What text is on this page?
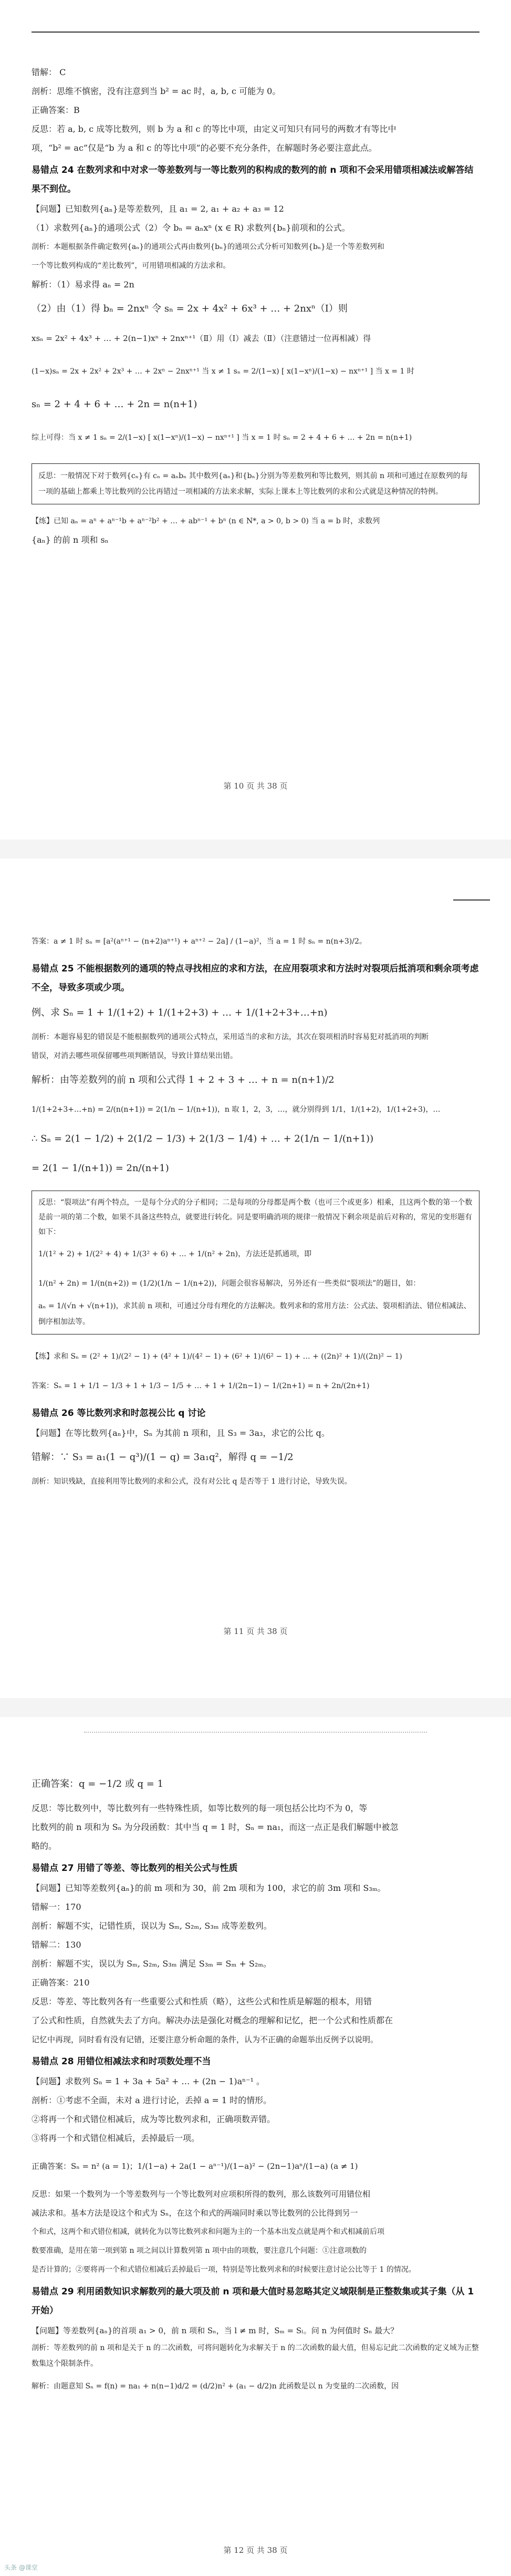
错解： C

剖析：思维不慎密，没有注意到当 b² = ac 时，a, b, c 可能为 0。

正确答案：B

反思：若 a, b, c 成等比数列，则 b 为 a 和 c 的等比中项，由定义可知只有同号的两数才有等比中

项，“b² = ac”仅是“b 为 a 和 c 的等比中项”的必要不充分条件，在解题时务必要注意此点。

易错点 24 在数列求和中对求一等差数列与一等比数列的积构成的数列的前 n 项和不会采用错项相减法或解答结果不到位。

【问题】已知数列{aₙ}是等差数列，且 a₁ = 2, a₁ + a₂ + a₃ = 12

（1）求数列{aₙ}的通项公式（2）令 bₙ = aₙxⁿ (x ∈ R) 求数列{bₙ}前项和的公式。

剖析：本题根据条件确定数列{aₙ}的通项公式再由数列{bₙ}的通项公式分析可知数列{bₙ}是一个等差数列和

一个等比数列构成的“差比数列”，可用错项相减的方法求和。

解析：（1）易求得 aₙ = 2n

（2）由（1）得 bₙ = 2nxⁿ 令 sₙ = 2x + 4x² + 6x³ + … + 2nxⁿ（Ⅰ）则

xsₙ = 2x² + 4x³ + … + 2(n−1)xⁿ + 2nxⁿ⁺¹（Ⅱ）用（Ⅰ）减去（Ⅱ）（注意错过一位再相减）得

(1−x)sₙ = 2x + 2x² + 2x³ + … + 2xⁿ − 2nxⁿ⁺¹ 当 x ≠ 1 sₙ = 2/(1−x) [ x(1−xⁿ)/(1−x) − nxⁿ⁺¹ ] 当 x = 1 时

sₙ = 2 + 4 + 6 + … + 2n = n(n+1)

综上可得：当 x ≠ 1 sₙ = 2/(1−x) [ x(1−xⁿ)/(1−x) − nxⁿ⁺¹ ] 当 x = 1 时 sₙ = 2 + 4 + 6 + … + 2n = n(n+1)

反思：一般情况下对于数列{cₙ}有 cₙ = aₙbₙ 其中数列{aₙ}和{bₙ}分别为等差数列和等比数列，则其前 n 项和可通过在原数列的每一项的基础上都乘上等比数列的公比再错过一项相减的方法来求解，实际上课本上等比数列的求和公式就是这种情况的特例。

【练】已知 aₙ = aⁿ + aⁿ⁻¹b + aⁿ⁻²b² + … + abⁿ⁻¹ + bⁿ (n ∈ N*, a > 0, b > 0) 当 a = b 时，求数列

{aₙ} 的前 n 项和 sₙ

第 10 页 共 38 页

答案：a ≠ 1 时 sₙ = [a²(aⁿ⁺¹ − (n+2)aⁿ⁺¹) + aⁿ⁺² − 2a] / (1−a)²，当 a = 1 时 sₙ = n(n+3)/2。

易错点 25 不能根据数列的通项的特点寻找相应的求和方法，在应用裂项求和方法时对裂项后抵消项和剩余项考虑不全，导致多项或少项。

例、求 Sₙ = 1 + 1/(1+2) + 1/(1+2+3) + … + 1/(1+2+3+…+n)

剖析：本题容易犯的错误是不能根据数列的通项公式特点，采用适当的求和方法，其次在裂项相消时容易犯对抵消项的判断

错误，对消去哪些项保留哪些项判断错误，导致计算结果出错。

解析：由等差数列的前 n 项和公式得 1 + 2 + 3 + … + n = n(n+1)/2

1/(1+2+3+…+n) = 2/(n(n+1)) = 2(1/n − 1/(n+1))，n 取 1，2，3，…，就分别得到 1/1，1/(1+2)，1/(1+2+3)，…

∴ Sₙ = 2(1 − 1/2) + 2(1/2 − 1/3) + 2(1/3 − 1/4) + … + 2(1/n − 1/(n+1))

= 2(1 − 1/(n+1)) = 2n/(n+1)

反思：“裂项法”有两个特点，一是每个分式的分子相同；二是每项的分母都是两个数（也可三个或更多）相乘，且这两个数的第一个数是前一项的第二个数，如果不具备这些特点，就要进行转化。同是要明确消项的规律一般情况下剩余项是前后对称的，常见的变形题有如下：

1/(1² + 2) + 1/(2² + 4) + 1/(3² + 6) + … + 1/(n² + 2n)，方法还是抓通项，即

1/(n² + 2n) = 1/(n(n+2)) = (1/2)(1/n − 1/(n+2))，问题会很容易解决，另外还有一些类似“裂项法”的题目，如：

aₙ = 1/(√n + √(n+1))，求其前 n 项和，可通过分母有理化的方法解决。数列求和的常用方法：公式法、裂项相消法、错位相减法、倒序相加法等。

【练】求和 Sₙ = (2² + 1)/(2² − 1) + (4² + 1)/(4² − 1) + (6² + 1)/(6² − 1) + … + ((2n)² + 1)/((2n)² − 1)

答案：Sₙ = 1 + 1/1 − 1/3 + 1 + 1/3 − 1/5 + … + 1 + 1/(2n−1) − 1/(2n+1) = n + 2n/(2n+1)

易错点 26 等比数列求和时忽视公比 q 讨论

【问题】在等比数列{aₙ}中，Sₙ 为其前 n 项和，且 S₃ = 3a₃，求它的公比 q。

错解：∵ S₃ = a₁(1 − q³)/(1 − q) = 3a₁q²，解得 q = −1/2

剖析：知识残缺，直接利用等比数列的求和公式，没有对公比 q 是否等于 1 进行讨论，导致失误。

第 11 页 共 38 页

正确答案：q = −1/2 或 q = 1

反思：等比数列中，等比数列有一些特殊性质，如等比数列的每一项包括公比均不为 0，等

比数列的前 n 项和为 Sₙ 为分段函数：其中当 q = 1 时，Sₙ = na₁，而这一点正是我们解题中被忽

略的。

易错点 27 用错了等差、等比数列的相关公式与性质

【问题】已知等差数列{aₙ}的前 m 项和为 30，前 2m 项和为 100，求它的前 3m 项和 S₃ₘ。

错解一：170

剖析：解题不实，记错性质，误以为 Sₘ, S₂ₘ, S₃ₘ 成等差数列。

错解二：130

剖析：解题不实，误以为 Sₘ, S₂ₘ, S₃ₘ 满足 S₃ₘ = Sₘ + S₂ₘ。

正确答案：210

反思：等差、等比数列各有一些重要公式和性质（略），这些公式和性质是解题的根本，用错

了公式和性质，自然就失去了方向。解决办法是强化对概念的理解和记忆，把一个公式和性质都在

记忆中再现，同时看有没有记错，还要注意分析命题的条件，认为不正确的命题举出反例予以说明。

易错点 28 用错位相减法求和时项数处理不当

【问题】求数列 Sₙ = 1 + 3a + 5a² + … + (2n − 1)aⁿ⁻¹ 。

剖析：①考虑不全面，未对 a 进行讨论，丢掉 a = 1 时的情形。

②将再一个和式错位相减后，成为等比数列求和，正确项数弄错。

③将再一个和式错位相减后，丢掉最后一项。

正确答案：Sₙ = n² (a = 1)；1/(1−a) + 2a(1 − aⁿ⁻¹)/(1−a)² − (2n−1)aⁿ/(1−a) (a ≠ 1)

反思：如果一个数列为一个等差数列与一个等比数列对应项积所得的数列，那么该数列可用错位相

减法求和。基本方法是设这个和式为 Sₙ，在这个和式的两端同时乘以等比数列的公比得到另一

个和式，这两个和式错位相减，就转化为以等比数列求和问题为主的一个基本出发点就是两个和式相减前后项

数要准确，是用在第一项到第 n 项之间以计算数列第 n 项中由的项数，要注意几个问题：①注意项数的

是否计算的；②要将再一个和式错位相减后丢掉最后一项，特别是等比数列求和的时候要注意讨论公比等于 1 的情况。

易错点 29 利用函数知识求解数列的最大项及前 n 项和最大值时易忽略其定义域限制是正整数集或其子集（从 1 开始）

【问题】等差数列{aₙ}的首项 a₁ > 0，前 n 项和 Sₙ，当 l ≠ m 时，Sₘ = Sₗ。问 n 为何值时 Sₙ 最大？

剖析：等差数列的前 n 项和是关于 n 的二次函数，可将问题转化为求解关于 n 的二次函数的最大值，但易忘记此二次函数的定义域为正整数集这个限制条件。

解析：由题意知 Sₙ = f(n) = na₁ + n(n−1)d/2 = (d/2)n² + (a₁ − d/2)n 此函数是以 n 为变量的二次函数，因

第 12 页 共 38 页
头条 @课堂
